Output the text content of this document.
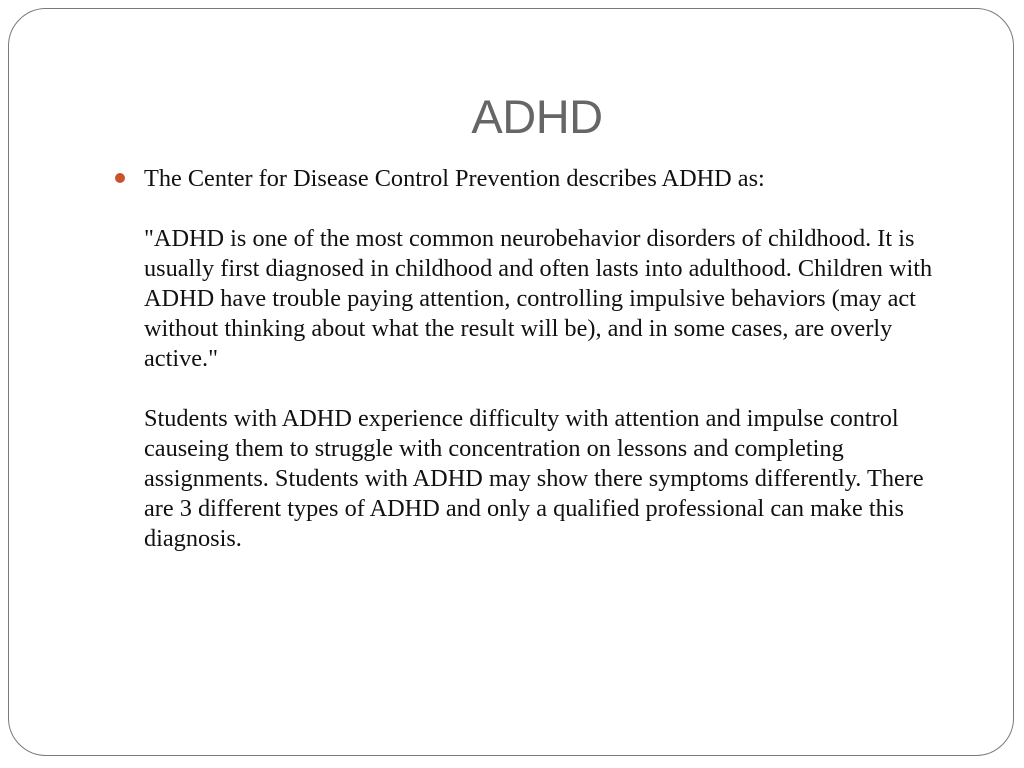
ADHD

The Center for Disease Control Prevention describes ADHD as:

"ADHD is one of the most common neurobehavior disorders of childhood. It is usually first diagnosed in childhood and often lasts into adulthood. Children with ADHD have trouble paying attention, controlling impulsive behaviors (may act without thinking about what the result will be), and in some cases, are overly active."

Students with ADHD experience difficulty with attention and impulse control causeing them to struggle with concentration on lessons and completing assignments. Students with ADHD may show there symptoms differently. There are 3 different types of ADHD and only a qualified professional can make this diagnosis.
